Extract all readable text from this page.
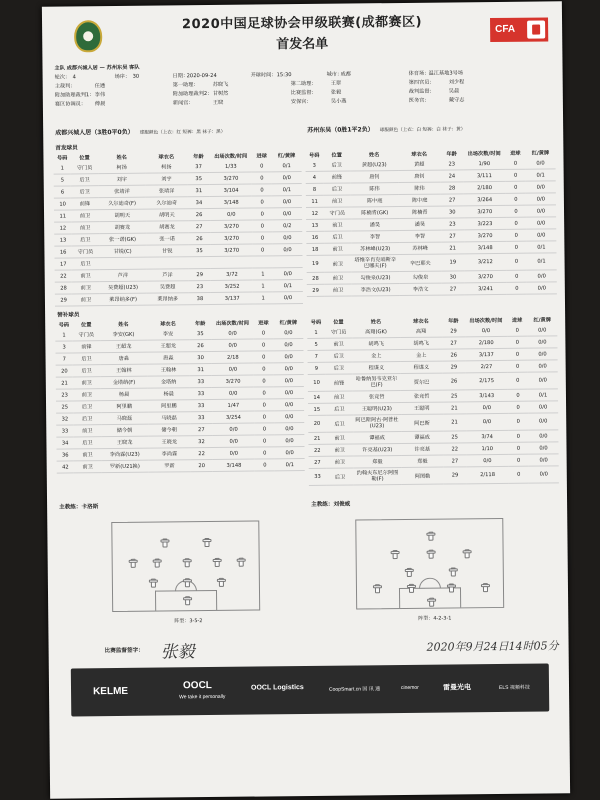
2020中国足球协会甲级联赛(成都赛区)
首发名单
CFA
主队 成都兴城人居 — 苏州东吴 客队
轮次： 4	场序： 30	日期：
2020-09-24	开球时间： 15:30	城市：
成都	体育场： 温江基地3号场
主裁判：	任通	第一助理：	苏晓飞	第二助理：	王翠	第四官员：	刘少程
附加助理裁判1： 李伟	附加助理裁判2： 甘树然	比赛监督：	张毅	裁判监督：	吴晨
赛区协调员： 傅晨	新闻官：	王晓	安保官：	吴小燕	医务官：	戴守志
成都兴城人居（3胜0平0负） 球服颜色（上衣：红 短裤：黑 袜子：黑）	苏州东吴（0胜1平2负） 球服颜色（上衣：白 短裤：白 袜子：黄）
首发球员
号码	位置	姓名	球衣名	年龄	出场次数/时间	进球	红/黄牌
1	守门员	柯扬	柯扬	37	1/33	0	0/1
5	后卫	刘宇	刘宇	35	3/270	0	0/0
6	后卫	张靖洋	张靖洋	31	3/104	0	0/1
10	前锋	久尔迪奇(F)	久尔迪奇	34	3/148	0	0/0
11	前卫	胡明天	胡明天	26	0/0	0	0/0
12	前卫	胡赛龙	胡赛龙	27	3/270	0	0/2
13	后卫	张一诺(GK)	张一诺	26	3/270	0	0/0
16	守门员	甘锐(C)	甘锐	35	3/270	0	0/0
17	后卫						
22	前卫	芦洋	芦洋	29	3/72	1	0/0
28	前卫	吴费超(U23)	吴费超	23	3/252	1	0/1
29	前卫	莱昂纳多(F)	莱昂纳多	38	3/137	1	0/0
号码	位置	姓名	球衣名	年龄	出场次数/时间	进球	红/黄牌
3	后卫	黄超(U23)	黄超	23	1/90	0	0/0
4	前锋	唐钊	唐钊	24	3/111	0	0/1
8	后卫	陈伟	陈伟	28	2/180	0	0/0
11	前卫	陈中庭	陈中庭	27	3/264	0	0/0
12	守门员	陈楠青(GK)	陈楠青	30	3/270	0	0/0
13	前卫	潘昊	潘昊	23	3/223	0	0/0
16	后卫	李智	李智	27	3/270	0	0/0
18	前卫	苏林峰(U23)	苏林峰	21	3/148	0	0/1
19	前卫	塔维辛肖克哨斯辛巴哪夫(F)	辛巴耶夫	19	3/212	0	0/1
28	前卫	勾俊泉(U23)	勾俊泉	30	3/270	0	0/0
29	前卫	李浩文(U23)	李浩文	27	3/241	0	0/0
替补球员
号码	位置	姓名	球衣名	年龄	出场次数/时间	进球	红/黄牌
1	守门员	李安(GK)	李安	35	0/0	0	0/0
3	前锋	王超龙	王超龙	26	0/0	0	0/0
7	后卫	唐淼	唐淼	30	2/18	0	0/0
20	后卫	王翰林	王翰林	31	0/0	0	0/0
21	前卫	金塔纳(F)	金塔纳	33	3/270	0	0/0
23	前卫	杨晨	杨晨	33	0/0	0	0/0
25	后卫	阿里鹏	阿里鹏	33	1/47	0	0/0
32	后卫	马晓磊	马晓磊	33	3/254	0	0/0
33	前卫	储今朝	储今朝	27	0/0	0	0/0
34	后卫	王晓龙	王晓龙	32	0/0	0	0/0
36	前卫	李尚霖(U23)	李尚霖	22	0/0	0	0/0
42	前卫	罗新(U21换)	罗新	20	3/148	0	0/1
号码	位置	姓名	球衣名	年龄	出场次数/时间	进球	红/黄牌
1	守门员	高翔(GK)	高翔	29	0/0	0	0/0
5	前卫	胡鸣飞	胡鸣飞	27	2/180	0	0/0
7	后卫	金上	金上	26	3/137	0	0/0
9	后卫	程谋义	程谋义	29	2/27	0	0/0
10	前锋	哈鲁纳努韦克亚尔巴(F)	贾尔巴	26	2/175	0	0/0
14	前卫	张竞哲	张竞哲	25	3/143	0	0/1
15	后卫	王聪明(U23)	王聪明	21	0/0	0	0/0
20	后卫	阿巴斯阿古·阿普杜(U23)	阿巴斯	21	0/0	0	0/0
21	前卫	谭福成	谭福成	25	3/74	0	0/0
22	前卫	许亮基(U23)	许亮基	22	1/10	0	0/0
27	前卫	郑毅	郑毅	27	0/0	0	0/0
33	后卫	约翰夫东尼尔阿图勒(F)	阿图勒	29	2/118	0	0/0
主教练：卡洛斯	主教练：刘俊威
阵型：3-5-2	阵型：4-2-3-1
比赛监督签字： 张毅	2020年9月24日14时05分
KELME
OOCL
We take it personally
OOCL Logistics	CoopSmart.cn 国 讯 通	cinemor	雷曼光电	ELS 视频科技
